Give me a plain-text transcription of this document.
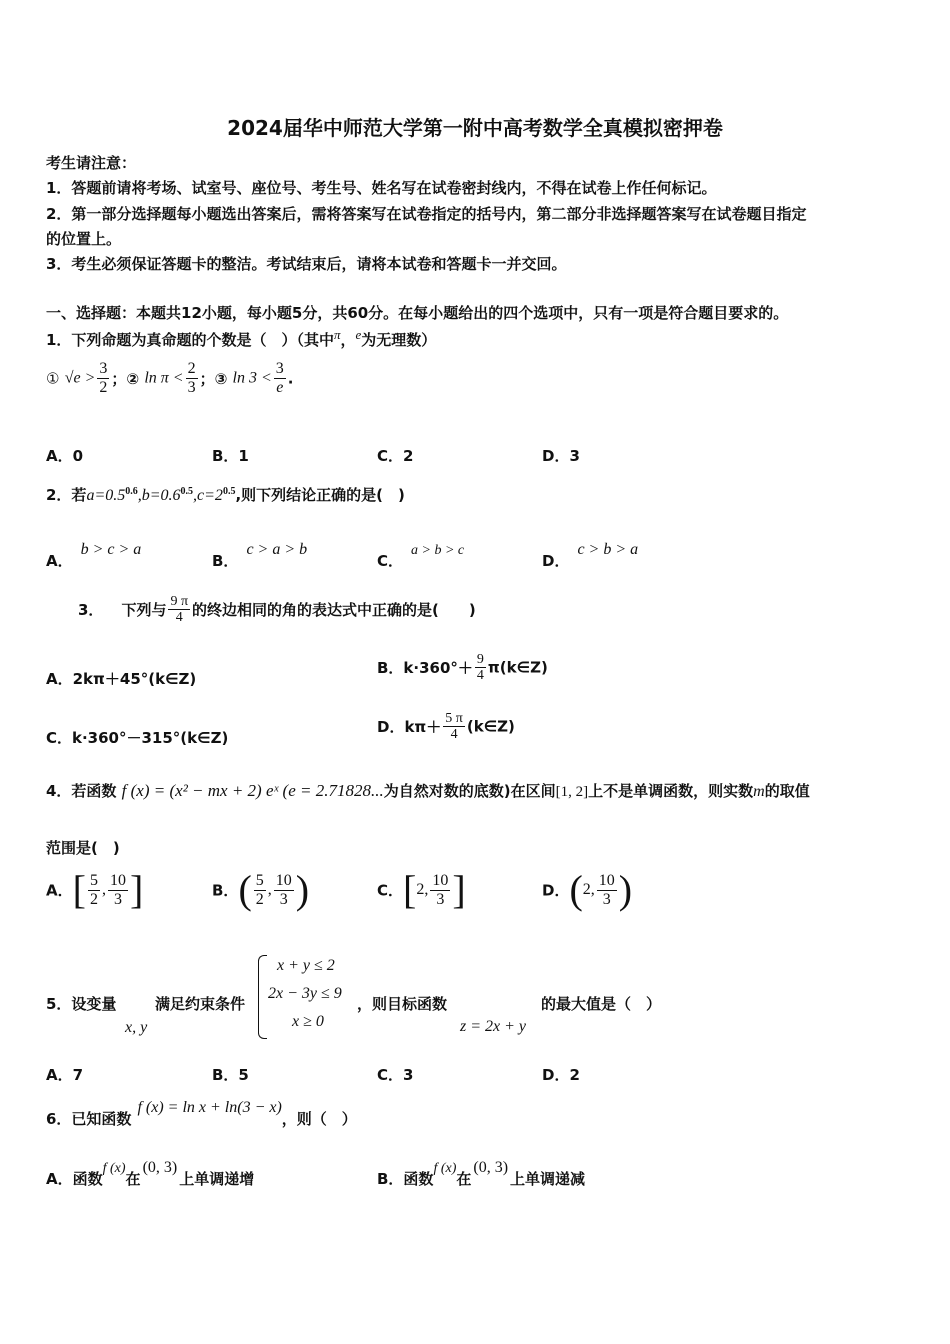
2024届华中师范大学第一附中高考数学全真模拟密押卷
考生请注意：
1．答题前请将考场、试室号、座位号、考生号、姓名写在试卷密封线内，不得在试卷上作任何标记。
2．第一部分选择题每小题选出答案后，需将答案写在试卷指定的括号内，第二部分非选择题答案写在试卷题目指定
的位置上。
3．考生必须保证答题卡的整洁。考试结束后，请将本试卷和答题卡一并交回。
一、选择题：本题共12小题，每小题5分，共60分。在每小题给出的四个选项中，只有一项是符合题目要求的。
1．下列命题为真命题的个数是（　）（其中π，e为无理数）
① $√e > \frac{3}{2}$ ；② $\ln \pi < \frac{2}{3}$ ；③ $\ln 3 < \frac{3}{e}$ .
A．0	B．1	C．2	D．3
2．若$a=0.5^{0.6},b=0.6^{0.5},c=2^{0.5}$,则下列结论正确的是(　)
A．b > c > a
B．c > a > b
C．a > b > c
D．c > b > a
3． 下列与 $\frac{9 \pi}{4}$ 的终边相同的角的表达式中正确的是(　　)
A．2kπ＋45°(k∈Z)
B．$k\cdot 360^\circ+ \frac{9}{4}$ π(k∈Z)
C．k·360°－315°(k∈Z)
D．$k\pi+ \frac{5 \pi}{4}$ (k∈Z)
4．若函数 f (x) = (x² − mx + 2) eˣ (e = 2.71828...为自然对数的底数)在区间[1, 2]上不是单调函数，则实数m的取值
范围是(　)
A．[ $\frac{5}{2}$ , $\frac{10}{3}$ ]	B．( $\frac{5}{2}$ , $\frac{10}{3}$ )	C．[2, $\frac{10}{3}$ ]	D．(2, $\frac{10}{3}$ )
5．设变量
x, y
满足约束条件
x + y ≤ 2
2x − 3y ≤ 9
x ≥ 0
，则目标函数
z = 2x + y
的最大值是（　）
A．7	B．5	C．3	D．2
6．已知函数f (x) = ln x + ln(3 − x)，则（　）
A．函数f (x)在(0, 3)上单调递增	B．函数f (x)在(0, 3)上单调递减
